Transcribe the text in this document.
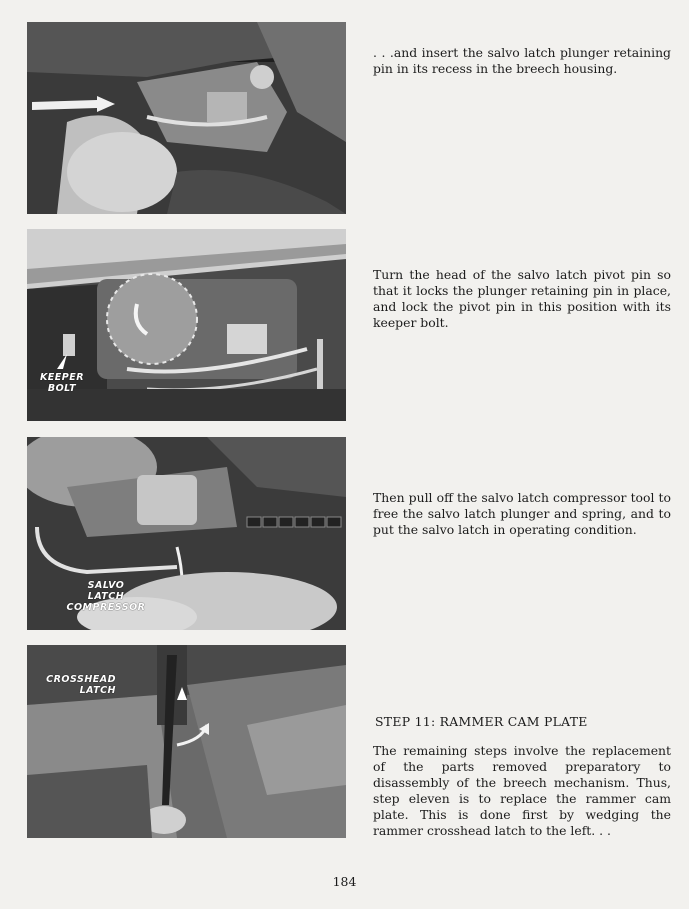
KEEPER
BOLT
SALVO
LATCH
COMPRESSOR
CROSSHEAD
LATCH

. . .and insert the salvo latch plunger retaining pin in its recess in the breech housing.

Turn the head of the salvo latch pivot pin so that it locks the plunger retaining pin in place, and lock the pivot pin in this position with its keeper bolt.

Then pull off the salvo latch compressor tool to free the salvo latch plunger and spring, and to put the salvo latch in operating condition.

STEP 11: RAMMER CAM PLATE

The remaining steps involve the replacement of the parts removed preparatory to disassembly of the breech mechanism. Thus, step eleven is to replace the rammer cam plate. This is done first by wedging the rammer crosshead latch to the left. . .

184
